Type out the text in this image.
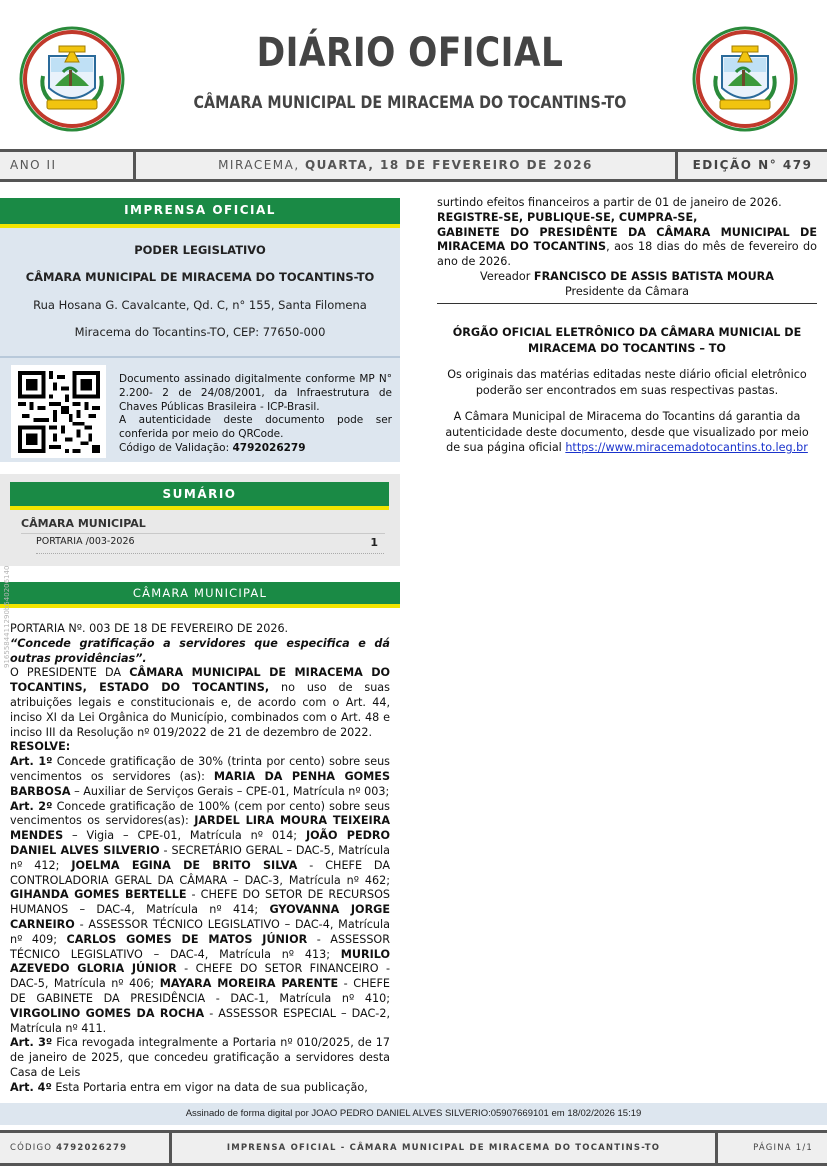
DIÁRIO OFICIAL
CÂMARA MUNICIPAL DE MIRACEMA DO TOCANTINS-TO
ANO II	MIRACEMA, QUARTA, 18 DE FEVEREIRO DE 2026	EDIÇÃO N° 479
IMPRENSA OFICIAL
PODER LEGISLATIVO
CÂMARA MUNICIPAL DE MIRACEMA DO TOCANTINS-TO
Rua Hosana G. Cavalcante, Qd. C, n° 155, Santa Filomena
Miracema do Tocantins-TO, CEP: 77650-000
Documento assinado digitalmente conforme MP N° 2.200- 2 de 24/08/2001, da Infraestrutura de Chaves Públicas Brasileira - ICP-Brasil.
A autenticidade deste documento pode ser conferida por meio do QRCode.
Código de Validação: 4792026279
SUMÁRIO
CÂMARA MUNICIPAL
PORTARIA /003-2026	1
CÂMARA MUNICIPAL
9165584411290b540206140 PORTARIA Nº. 003 DE 18 DE FEVEREIRO DE 2026.

“Concede gratificação a servidores que especifica e dá outras providências”.

O PRESIDENTE DA CÂMARA MUNICIPAL DE MIRACEMA DO TOCANTINS, ESTADO DO TOCANTINS, no uso de suas atribuições legais e constitucionais e, de acordo com o Art. 44, inciso XI da Lei Orgânica do Município, combinados com o Art. 48 e inciso III da Resolução nº 019/2022 de 21 de dezembro de 2022.

RESOLVE:

Art. 1º Concede gratificação de 30% (trinta por cento) sobre seus vencimentos os servidores (as): MARIA DA PENHA GOMES BARBOSA – Auxiliar de Serviços Gerais – CPE-01, Matrícula nº 003;

Art. 2º Concede gratificação de 100% (cem por cento) sobre seus vencimentos os servidores(as): JARDEL LIRA MOURA TEIXEIRA MENDES – Vigia – CPE-01, Matrícula nº 014; JOÃO PEDRO DANIEL ALVES SILVERIO - SECRETÁRIO GERAL – DAC-5, Matrícula nº 412; JOELMA EGINA DE BRITO SILVA - CHEFE DA CONTROLADORIA GERAL DA CÂMARA – DAC-3, Matrícula nº 462; GIHANDA GOMES BERTELLE - CHEFE DO SETOR DE RECURSOS HUMANOS – DAC-4, Matrícula nº 414; GYOVANNA JORGE CARNEIRO - ASSESSOR TÉCNICO LEGISLATIVO – DAC-4, Matrícula nº 409; CARLOS GOMES DE MATOS JÚNIOR - ASSESSOR TÉCNICO LEGISLATIVO – DAC-4, Matrícula nº 413; MURILO AZEVEDO GLORIA JÚNIOR - CHEFE DO SETOR FINANCEIRO - DAC-5, Matrícula nº 406; MAYARA MOREIRA PARENTE - CHEFE DE GABINETE DA PRESIDÊNCIA - DAC-1, Matrícula nº 410; VIRGOLINO GOMES DA ROCHA - ASSESSOR ESPECIAL – DAC-2, Matrícula nº 411.

Art. 3º Fica revogada integralmente a Portaria nº 010/2025, de 17 de janeiro de 2025, que concedeu gratificação a servidores desta Casa de Leis

Art. 4º Esta Portaria entra em vigor na data de sua publicação,

surtindo efeitos financeiros a partir de 01 de janeiro de 2026.

REGISTRE-SE, PUBLIQUE-SE, CUMPRA-SE,

GABINETE DO PRESIDÊNTE DA CÂMARA MUNICIPAL DE MIRACEMA DO TOCANTINS, aos 18 dias do mês de fevereiro do ano de 2026.

Vereador FRANCISCO DE ASSIS BATISTA MOURA

Presidente da Câmara

ÓRGÃO OFICIAL ELETRÔNICO DA CÂMARA MUNICIAL DE MIRACEMA DO TOCANTINS – TO
Os originais das matérias editadas neste diário oficial eletrônico poderão ser encontrados em suas respectivas pastas.
A Câmara Municipal de Miracema do Tocantins dá garantia da autenticidade deste documento, desde que visualizado por meio de sua página oficial https://www.miracemadotocantins.to.leg.br
Assinado de forma digital por JOAO PEDRO DANIEL ALVES SILVERIO:05907669101 em 18/02/2026 15:19
CÓDIGO 4792026279	IMPRENSA OFICIAL - CÂMARA MUNICIPAL DE MIRACEMA DO TOCANTINS-TO	PÁGINA 1/1
